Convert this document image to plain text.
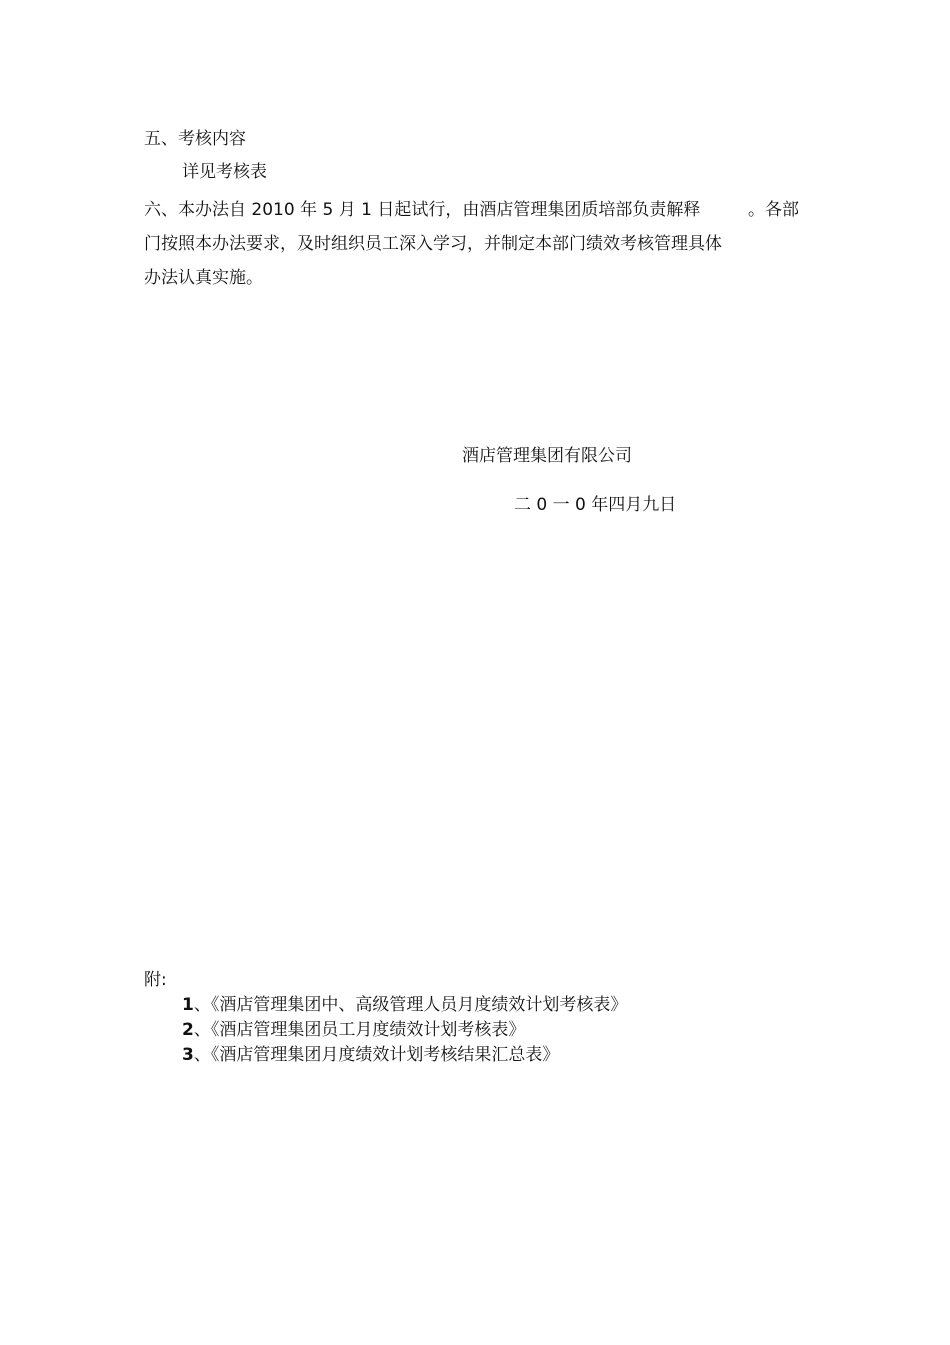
五、考核内容

详见考核表

六、本办法自 2010 年 5 月 1 日起试行，由酒店管理集团质培部负责解释	。各部

门按照本办法要求，及时组织员工深入学习，并制定本部门绩效考核管理具体

办法认真实施。

酒店管理集团有限公司

二 0 一 0 年四月九日

附:

1、《酒店管理集团中、高级管理人员月度绩效计划考核表》

2、《酒店管理集团员工月度绩效计划考核表》

3、《酒店管理集团月度绩效计划考核结果汇总表》
